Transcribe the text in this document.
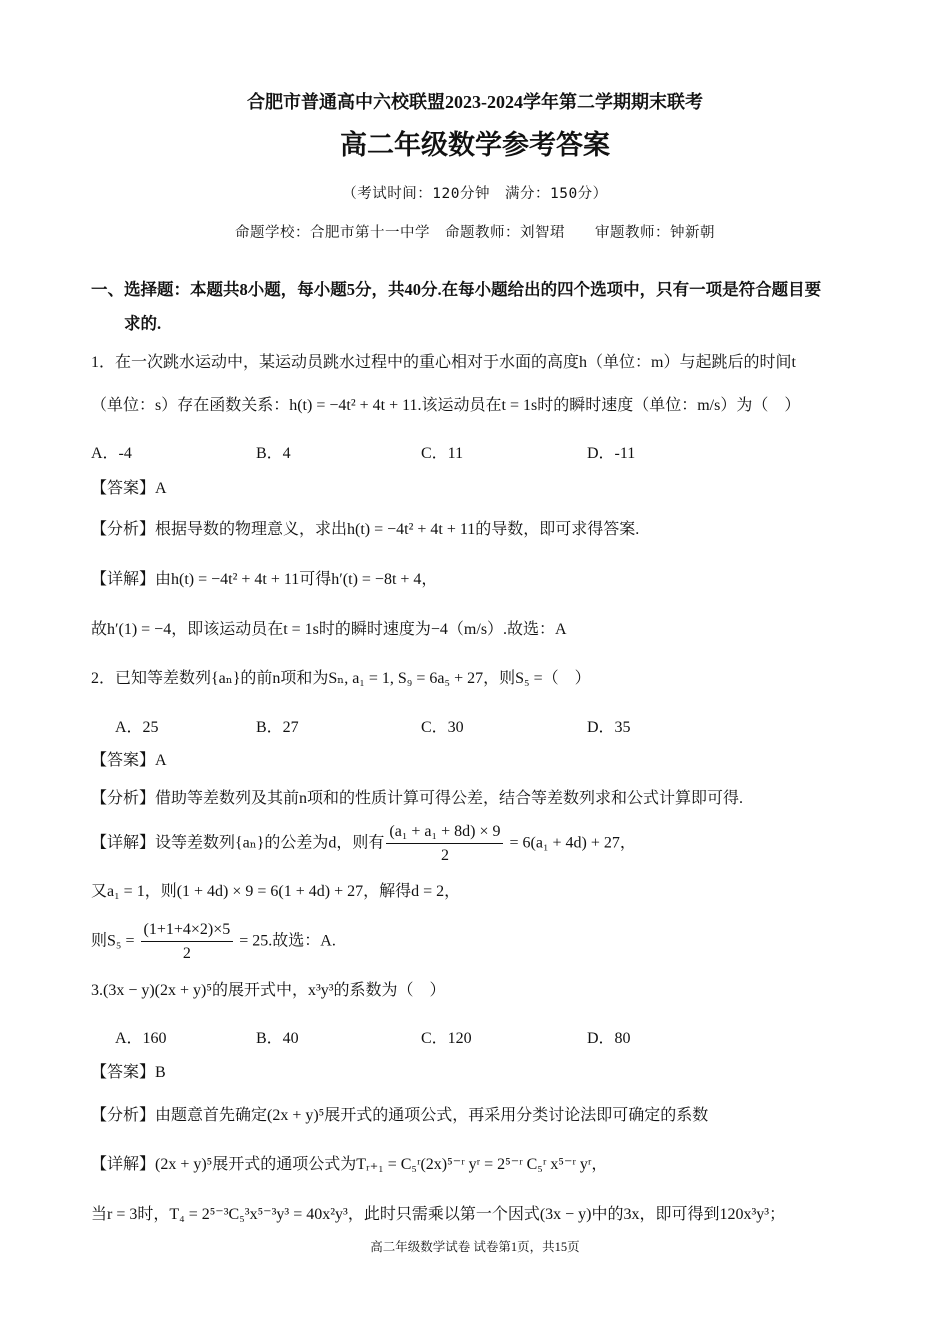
合肥市普通高中六校联盟2023-2024学年第二学期期末联考
高二年级数学参考答案
（考试时间：120分钟　满分：150分）
命题学校：合肥市第十一中学　命题教师：刘智珺　　审题教师：钟新朝
一、选择题：本题共8小题，每小题5分，共40分.在每小题给出的四个选项中，只有一项是符合题目要
求的.
1．在一次跳水运动中，某运动员跳水过程中的重心相对于水面的高度h（单位：m）与起跳后的时间t
（单位：s）存在函数关系：h(t) = −4t² + 4t + 11.该运动员在t = 1s时的瞬时速度（单位：m/s）为（　）
A．-4	B．4	C．11	D．-11
【答案】A
【分析】根据导数的物理意义，求出h(t) = −4t² + 4t + 11的导数，即可求得答案.
【详解】由h(t) = −4t² + 4t + 11可得h′(t) = −8t + 4，
故h′(1) = −4，即该运动员在t = 1s时的瞬时速度为−4（m/s）.故选：A
2．已知等差数列{aₙ}的前n项和为Sₙ, a₁ = 1, S₉ = 6a₅ + 27，则S₅ =（　）
A．25	B．27	C．30	D．35
【答案】A
【分析】借助等差数列及其前n项和的性质计算可得公差，结合等差数列求和公式计算即可得.
【详解】设等差数列{aₙ}的公差为d，则有 $\frac{\text{(a₁ + a₁ + 8d) × 9}}{2} = 6(a_1 + 4d) + 27$，
又a₁ = 1，则(1 + 4d) × 9 = 6(1 + 4d) + 27，解得d = 2，
则$S_5 = \frac{(1+1+4\times 2)\times 5}{2} = 25$.故选：A.
3.(3x − y)(2x + y)⁵的展开式中，x³y³的系数为（　）
A．160	B．40	C．120	D．80
【答案】B
【分析】由题意首先确定(2x + y)⁵展开式的通项公式，再采用分类讨论法即可确定的系数
【详解】(2x + y)⁵展开式的通项公式为Tᵣ₊₁ = C₅ʳ(2x)⁵⁻ʳ yʳ = 2⁵⁻ʳ C₅ʳ x⁵⁻ʳ yʳ，
当r = 3时，T₄ = 2⁵⁻³C₅³x⁵⁻³y³ = 40x²y³，此时只需乘以第一个因式(3x − y)中的3x，即可得到120x³y³；
高二年级数学试卷 试卷第1页，共15页
